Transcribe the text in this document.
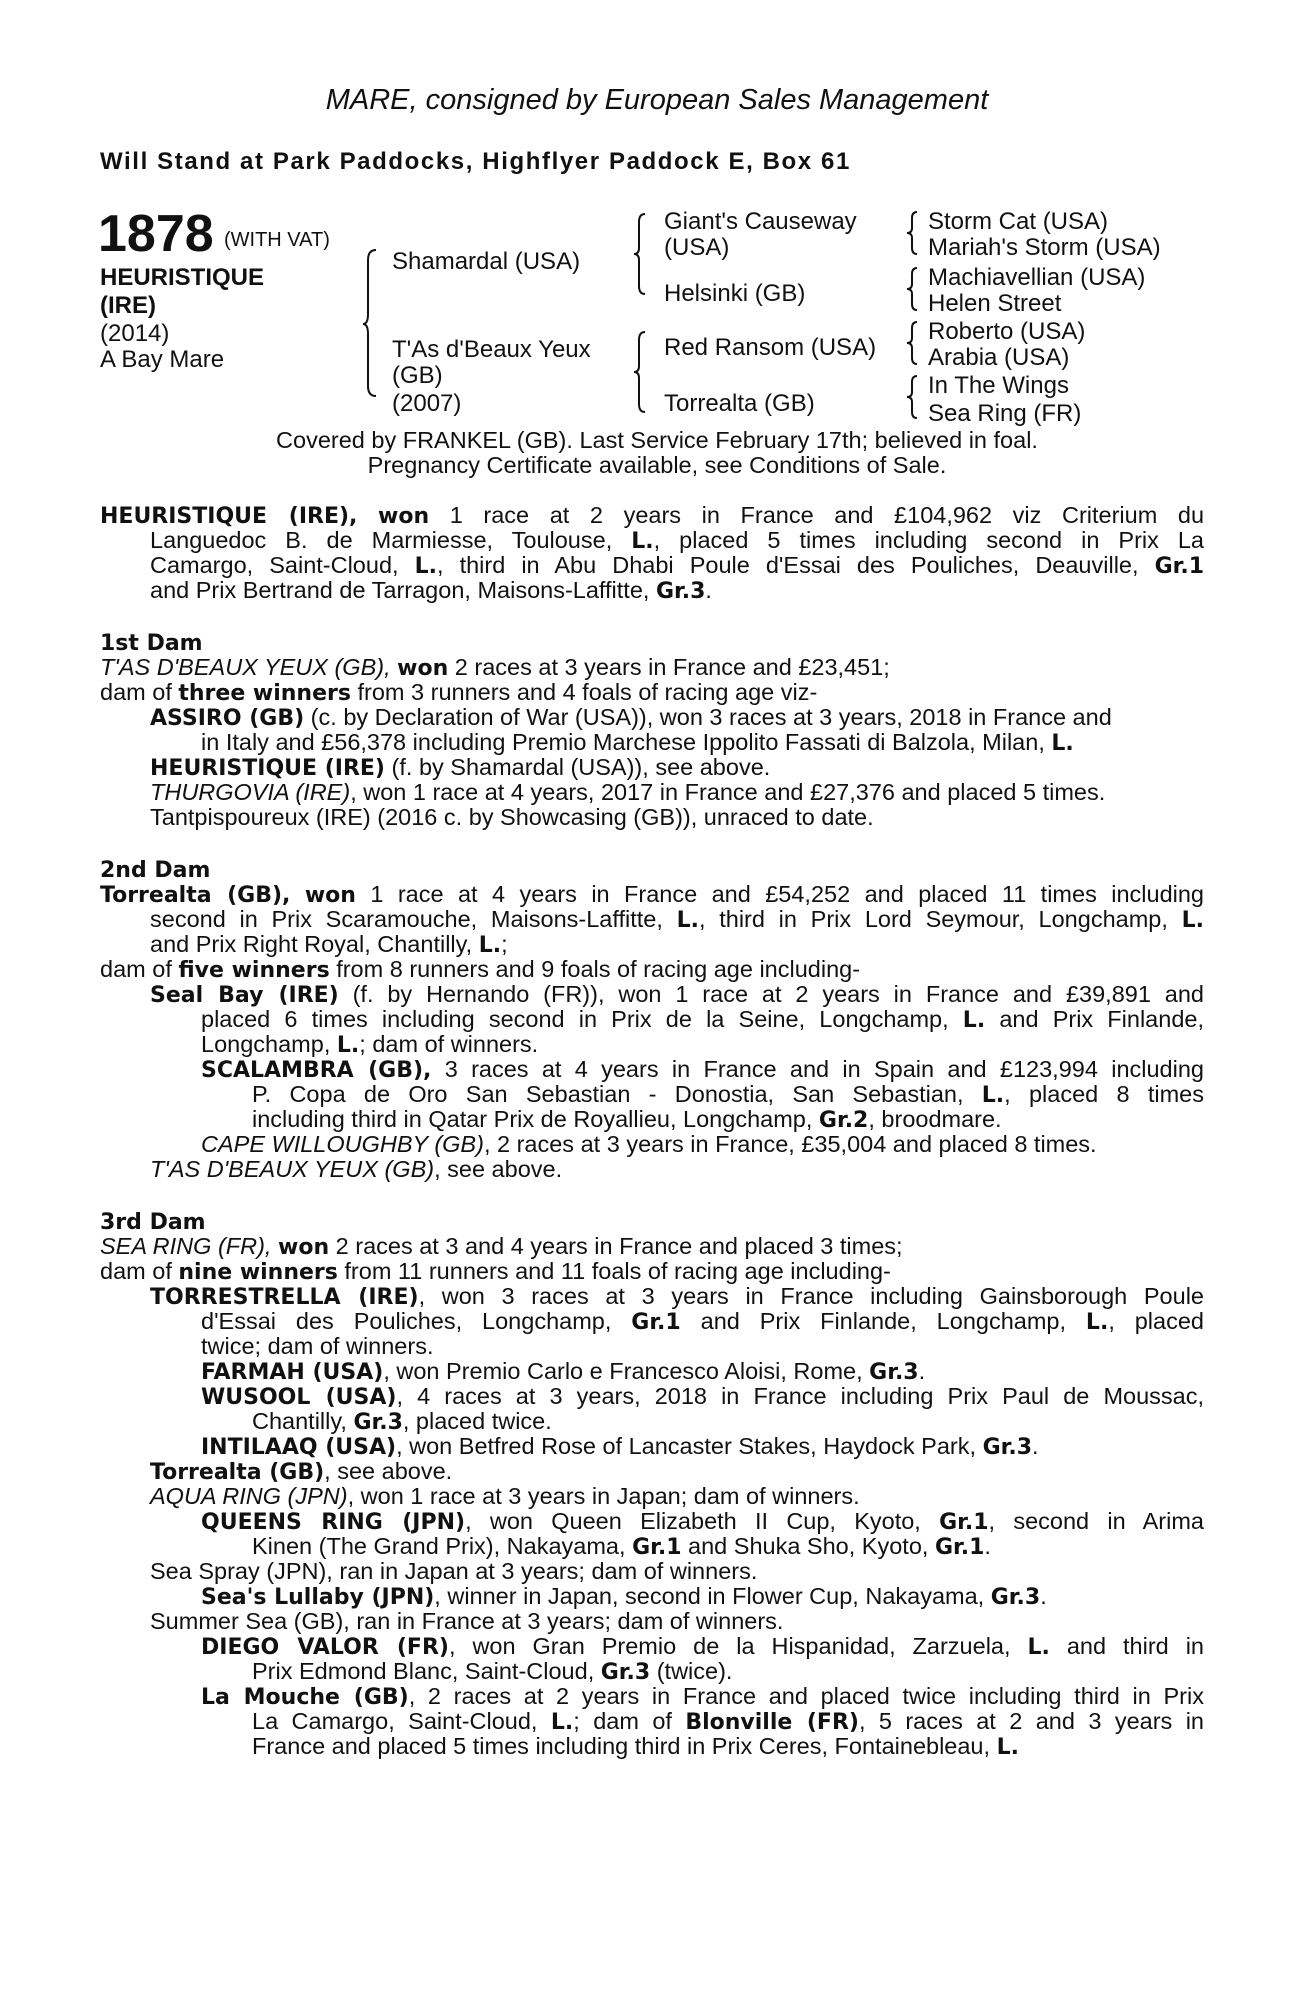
MARE, consigned by European Sales Management
Will Stand at Park Paddocks, Highflyer Paddock E, Box 61
1878 (WITH VAT)
HEURISTIQUE
(IRE)
(2014)
A Bay Mare
Shamardal (USA)
T'As d'Beaux Yeux
(GB)
(2007)
Giant's Causeway
(USA)
Helsinki (GB)
Red Ransom (USA)
Torrealta (GB)
Storm Cat (USA)
Mariah's Storm (USA)
Machiavellian (USA)
Helen Street
Roberto (USA)
Arabia (USA)
In The Wings
Sea Ring (FR)
Covered by FRANKEL (GB). Last Service February 17th; believed in foal.
Pregnancy Certificate available, see Conditions of Sale.
HEURISTIQUE (IRE), won 1 race at 2 years in France and £104,962 viz Criterium du
Languedoc B. de Marmiesse, Toulouse, L., placed 5 times including second in Prix La
Camargo, Saint-Cloud, L., third in Abu Dhabi Poule d'Essai des Pouliches, Deauville, Gr.1
and Prix Bertrand de Tarragon, Maisons-Laffitte, Gr.3.
1st Dam
T'AS D'BEAUX YEUX (GB), won 2 races at 3 years in France and £23,451;
dam of three winners from 3 runners and 4 foals of racing age viz-
ASSIRO (GB) (c. by Declaration of War (USA)), won 3 races at 3 years, 2018 in France and
in Italy and £56,378 including Premio Marchese Ippolito Fassati di Balzola, Milan, L.
HEURISTIQUE (IRE) (f. by Shamardal (USA)), see above.
THURGOVIA (IRE), won 1 race at 4 years, 2017 in France and £27,376 and placed 5 times.
Tantpispoureux (IRE) (2016 c. by Showcasing (GB)), unraced to date.
2nd Dam
Torrealta (GB), won 1 race at 4 years in France and £54,252 and placed 11 times including
second in Prix Scaramouche, Maisons-Laffitte, L., third in Prix Lord Seymour, Longchamp, L.
and Prix Right Royal, Chantilly, L.;
dam of five winners from 8 runners and 9 foals of racing age including-
Seal Bay (IRE) (f. by Hernando (FR)), won 1 race at 2 years in France and £39,891 and
placed 6 times including second in Prix de la Seine, Longchamp, L. and Prix Finlande,
Longchamp, L.; dam of winners.
SCALAMBRA (GB), 3 races at 4 years in France and in Spain and £123,994 including
P. Copa de Oro San Sebastian - Donostia, San Sebastian, L., placed 8 times
including third in Qatar Prix de Royallieu, Longchamp, Gr.2, broodmare.
CAPE WILLOUGHBY (GB), 2 races at 3 years in France, £35,004 and placed 8 times.
T'AS D'BEAUX YEUX (GB), see above.
3rd Dam
SEA RING (FR), won 2 races at 3 and 4 years in France and placed 3 times;
dam of nine winners from 11 runners and 11 foals of racing age including-
TORRESTRELLA (IRE), won 3 races at 3 years in France including Gainsborough Poule
d'Essai des Pouliches, Longchamp, Gr.1 and Prix Finlande, Longchamp, L., placed
twice; dam of winners.
FARMAH (USA), won Premio Carlo e Francesco Aloisi, Rome, Gr.3.
WUSOOL (USA), 4 races at 3 years, 2018 in France including Prix Paul de Moussac,
Chantilly, Gr.3, placed twice.
INTILAAQ (USA), won Betfred Rose of Lancaster Stakes, Haydock Park, Gr.3.
Torrealta (GB), see above.
AQUA RING (JPN), won 1 race at 3 years in Japan; dam of winners.
QUEENS RING (JPN), won Queen Elizabeth II Cup, Kyoto, Gr.1, second in Arima
Kinen (The Grand Prix), Nakayama, Gr.1 and Shuka Sho, Kyoto, Gr.1.
Sea Spray (JPN), ran in Japan at 3 years; dam of winners.
Sea's Lullaby (JPN), winner in Japan, second in Flower Cup, Nakayama, Gr.3.
Summer Sea (GB), ran in France at 3 years; dam of winners.
DIEGO VALOR (FR), won Gran Premio de la Hispanidad, Zarzuela, L. and third in
Prix Edmond Blanc, Saint-Cloud, Gr.3 (twice).
La Mouche (GB), 2 races at 2 years in France and placed twice including third in Prix
La Camargo, Saint-Cloud, L.; dam of Blonville (FR), 5 races at 2 and 3 years in
France and placed 5 times including third in Prix Ceres, Fontainebleau, L.
